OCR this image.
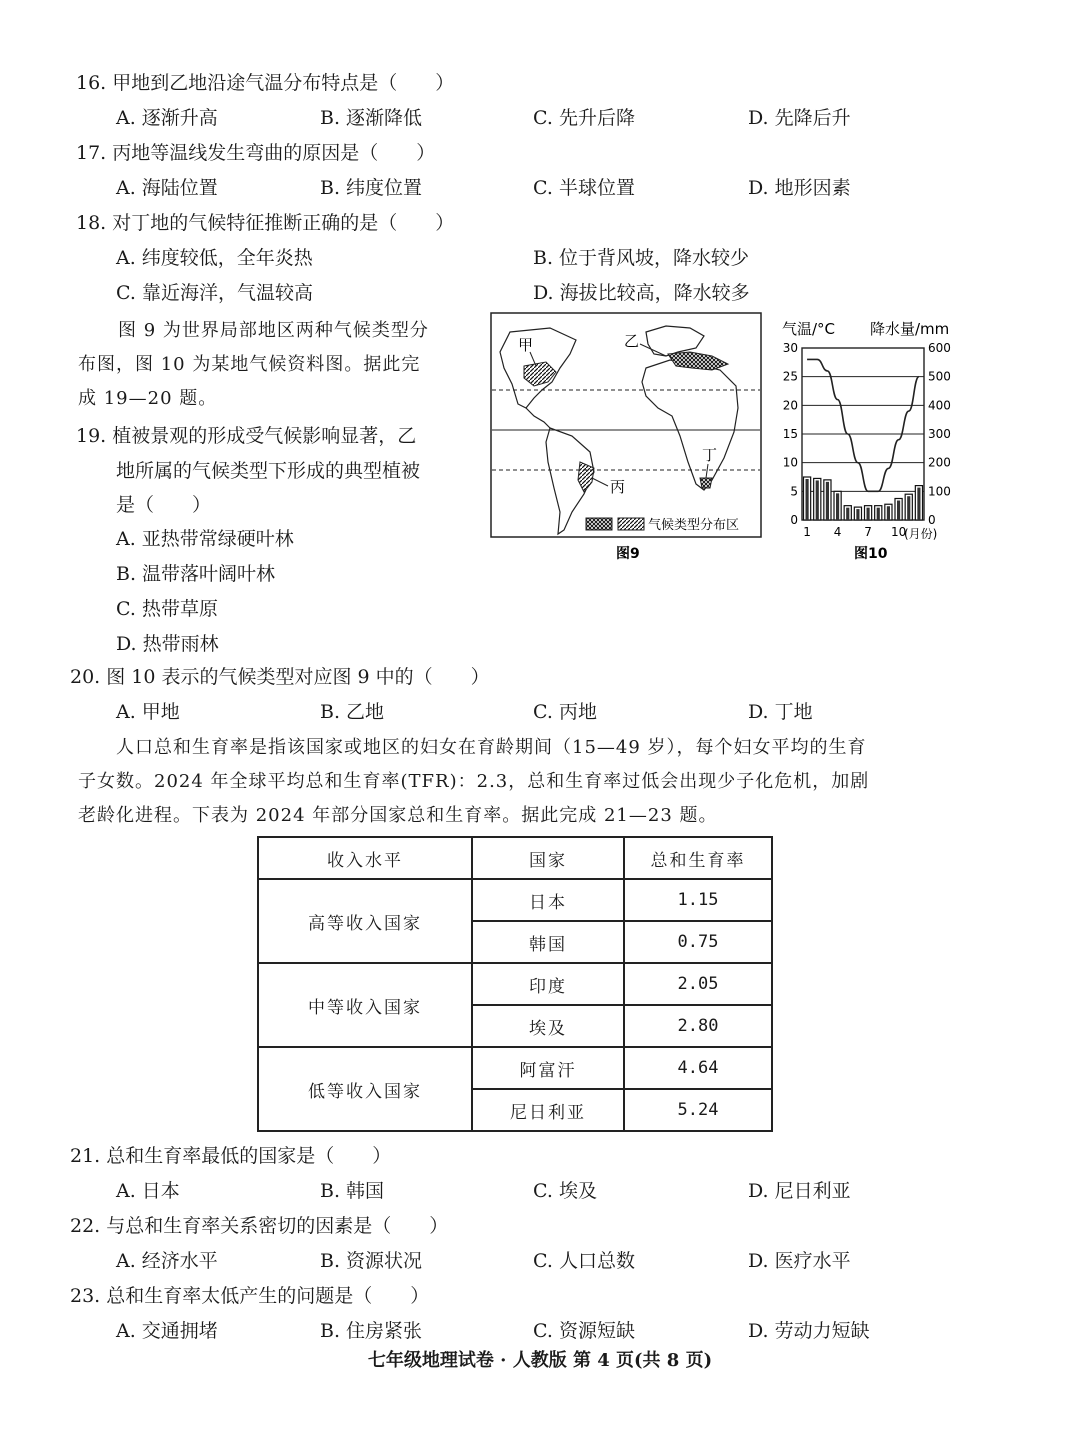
16. 甲地到乙地沿途气温分布特点是（　　）
A. 逐渐升高	B. 逐渐降低	C. 先升后降	D. 先降后升
17. 丙地等温线发生弯曲的原因是（　　）
A. 海陆位置	B. 纬度位置	C. 半球位置	D. 地形因素
18. 对丁地的气候特征推断正确的是（　　）
A. 纬度较低，全年炎热	B. 位于背风坡，降水较少
C. 靠近海洋，气温较高	D. 海拔比较高，降水较多
图 9 为世界局部地区两种气候类型分
布图，图 10 为某地气候资料图。据此完
成 19—20 题。
19. 植被景观的形成受气候影响显著，乙
地所属的气候类型下形成的典型植被
是（　　）
A. 亚热带常绿硬叶林
B. 温带落叶阔叶林
C. 热带草原
D. 热带雨林
甲	乙
丙
丁
气候类型分布区
图9
气温/°C 降水量/mm
0
5
10
15
20
25
30
0
100
200
300
400
500
600
1 4 7 10
(月份)
图10
20. 图 10 表示的气候类型对应图 9 中的（　　）
A. 甲地	B. 乙地	C. 丙地	D. 丁地
人口总和生育率是指该国家或地区的妇女在育龄期间（15—49 岁），每个妇女平均的生育
子女数。2024 年全球平均总和生育率(TFR)：2.3，总和生育率过低会出现少子化危机，加剧
老龄化进程。下表为 2024 年部分国家总和生育率。据此完成 21—23 题。
收入水平	国家	总和生育率
高等收入国家	日本	1.15
	韩国	0.75
中等收入国家	印度	2.05
	埃及	2.80
低等收入国家	阿富汗	4.64
	尼日利亚	5.24
21. 总和生育率最低的国家是（　　）
A. 日本	B. 韩国	C. 埃及	D. 尼日利亚
22. 与总和生育率关系密切的因素是（　　）
A. 经济水平	B. 资源状况	C. 人口总数	D. 医疗水平
23. 总和生育率太低产生的问题是（　　）
A. 交通拥堵	B. 住房紧张	C. 资源短缺	D. 劳动力短缺
七年级地理试卷 · 人教版 第 4 页(共 8 页)
